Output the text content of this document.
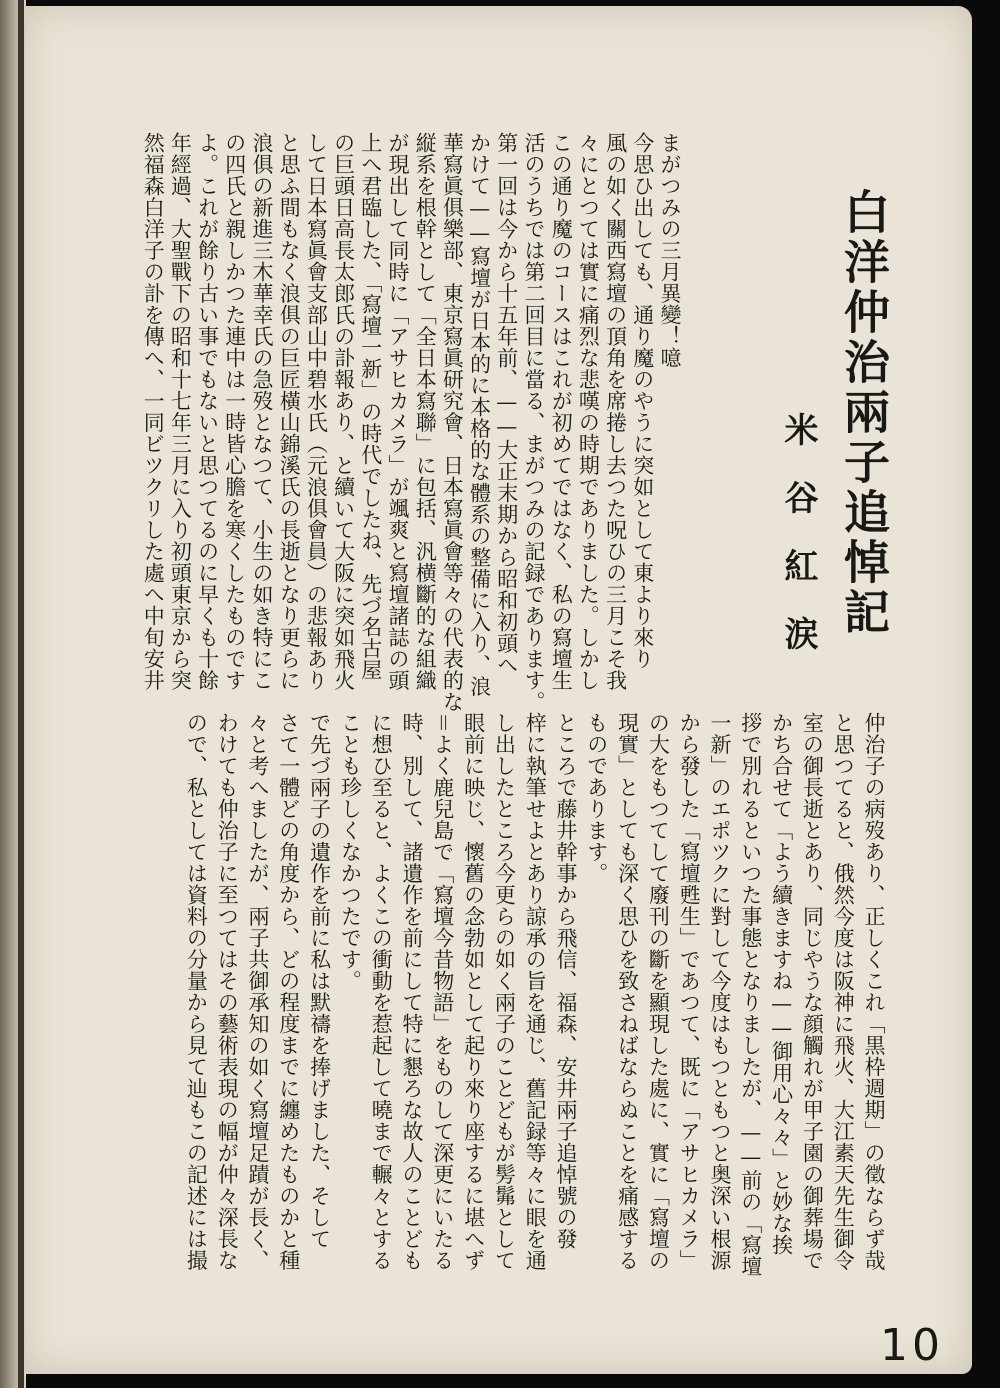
白洋仲治兩子追悼記
米谷紅涙
まがつみの三月異變！噫
今思ひ出しても、通り魔のやうに突如として東より來り
風の如く關西寫壇の頂角を席捲し去つた呪ひの三月こそ我
々にとつては實に痛烈な悲嘆の時期でありました。しかし
この通り魔のコースはこれが初めてではなく、私の寫壇生
活のうちでは第二回目に當る、まがつみの記録であります。
第一回は今から十五年前、——大正末期から昭和初頭へ
かけて——寫壇が日本的に本格的な體系の整備に入り、浪
華寫眞俱樂部、東京寫眞研究會、日本寫眞會等々の代表的な
縦系を根幹として「全日本寫聯」に包括、汎横斷的な組織
が現出して同時に「アサヒカメラ」が颯爽と寫壇諸誌の頭
上へ君臨した、「寫壇一新」の時代でしたね、先づ名古屋
の巨頭日高長太郎氏の訃報あり、と續いて大阪に突如飛火
して日本寫眞會支部山中碧水氏（元浪俱會員）の悲報あり
と思ふ間もなく浪俱の巨匠橫山錦溪氏の長逝となり更らに
浪俱の新進三木華幸氏の急歿となつて、小生の如き特にこ
の四氏と親しかつた連中は一時皆心膽を寒くしたものです
よ。これが餘り古い事でもないと思つてるのに早くも十餘
年經過、大聖戰下の昭和十七年三月に入り初頭東京から突
然福森白洋子の訃を傳へ、一同ビツクリした處へ中旬安井
仲治子の病歿あり、正しくこれ「黒枠週期」の徵ならず哉
と思つてると、俄然今度は阪神に飛火、大江素天先生御令
室の御長逝とあり、同じやうな顔觸れが甲子園の御葬場で
かち合せて「よう續きますね——御用心々々」と妙な挨
拶で別れるといつた事態となりましたが、——前の「寫壇
一新」のエポツクに對して今度はもつともつと奥深い根源
から發した「寫壇甦生」であつて、既に「アサヒカメラ」
の大をもつてして廢刊の斷を顯現した處に、實に「寫壇の
現實」としても深く思ひを致さねばならぬことを痛感する
ものであります。
ところで藤井幹事から飛信、福森、安井兩子追悼號の發
梓に執筆せよとあり諒承の旨を通じ、舊記録等々に眼を通
し出したところ今更らの如く兩子のことどもが髣髴として
眼前に映じ、懷舊の念勃如として起り來り座するに堪へず
＝よく鹿兒島で「寫壇今昔物語」をものして深更にいたる
時、別して、諸遺作を前にして特に懇ろな故人のことども
に想ひ至ると、よくこの衝動を惹起して曉まで輾々とする
ことも珍しくなかつたです。
で先づ兩子の遺作を前に私は默禱を捧げました、そして
さて一體どの角度から、どの程度までに纏めたものかと種
々と考へましたが、兩子共御承知の如く寫壇足蹟が長く、
わけても仲治子に至つてはその藝術表現の幅が仲々深長な
ので、私としては資料の分量から見て辿もこの記述には撮
10
